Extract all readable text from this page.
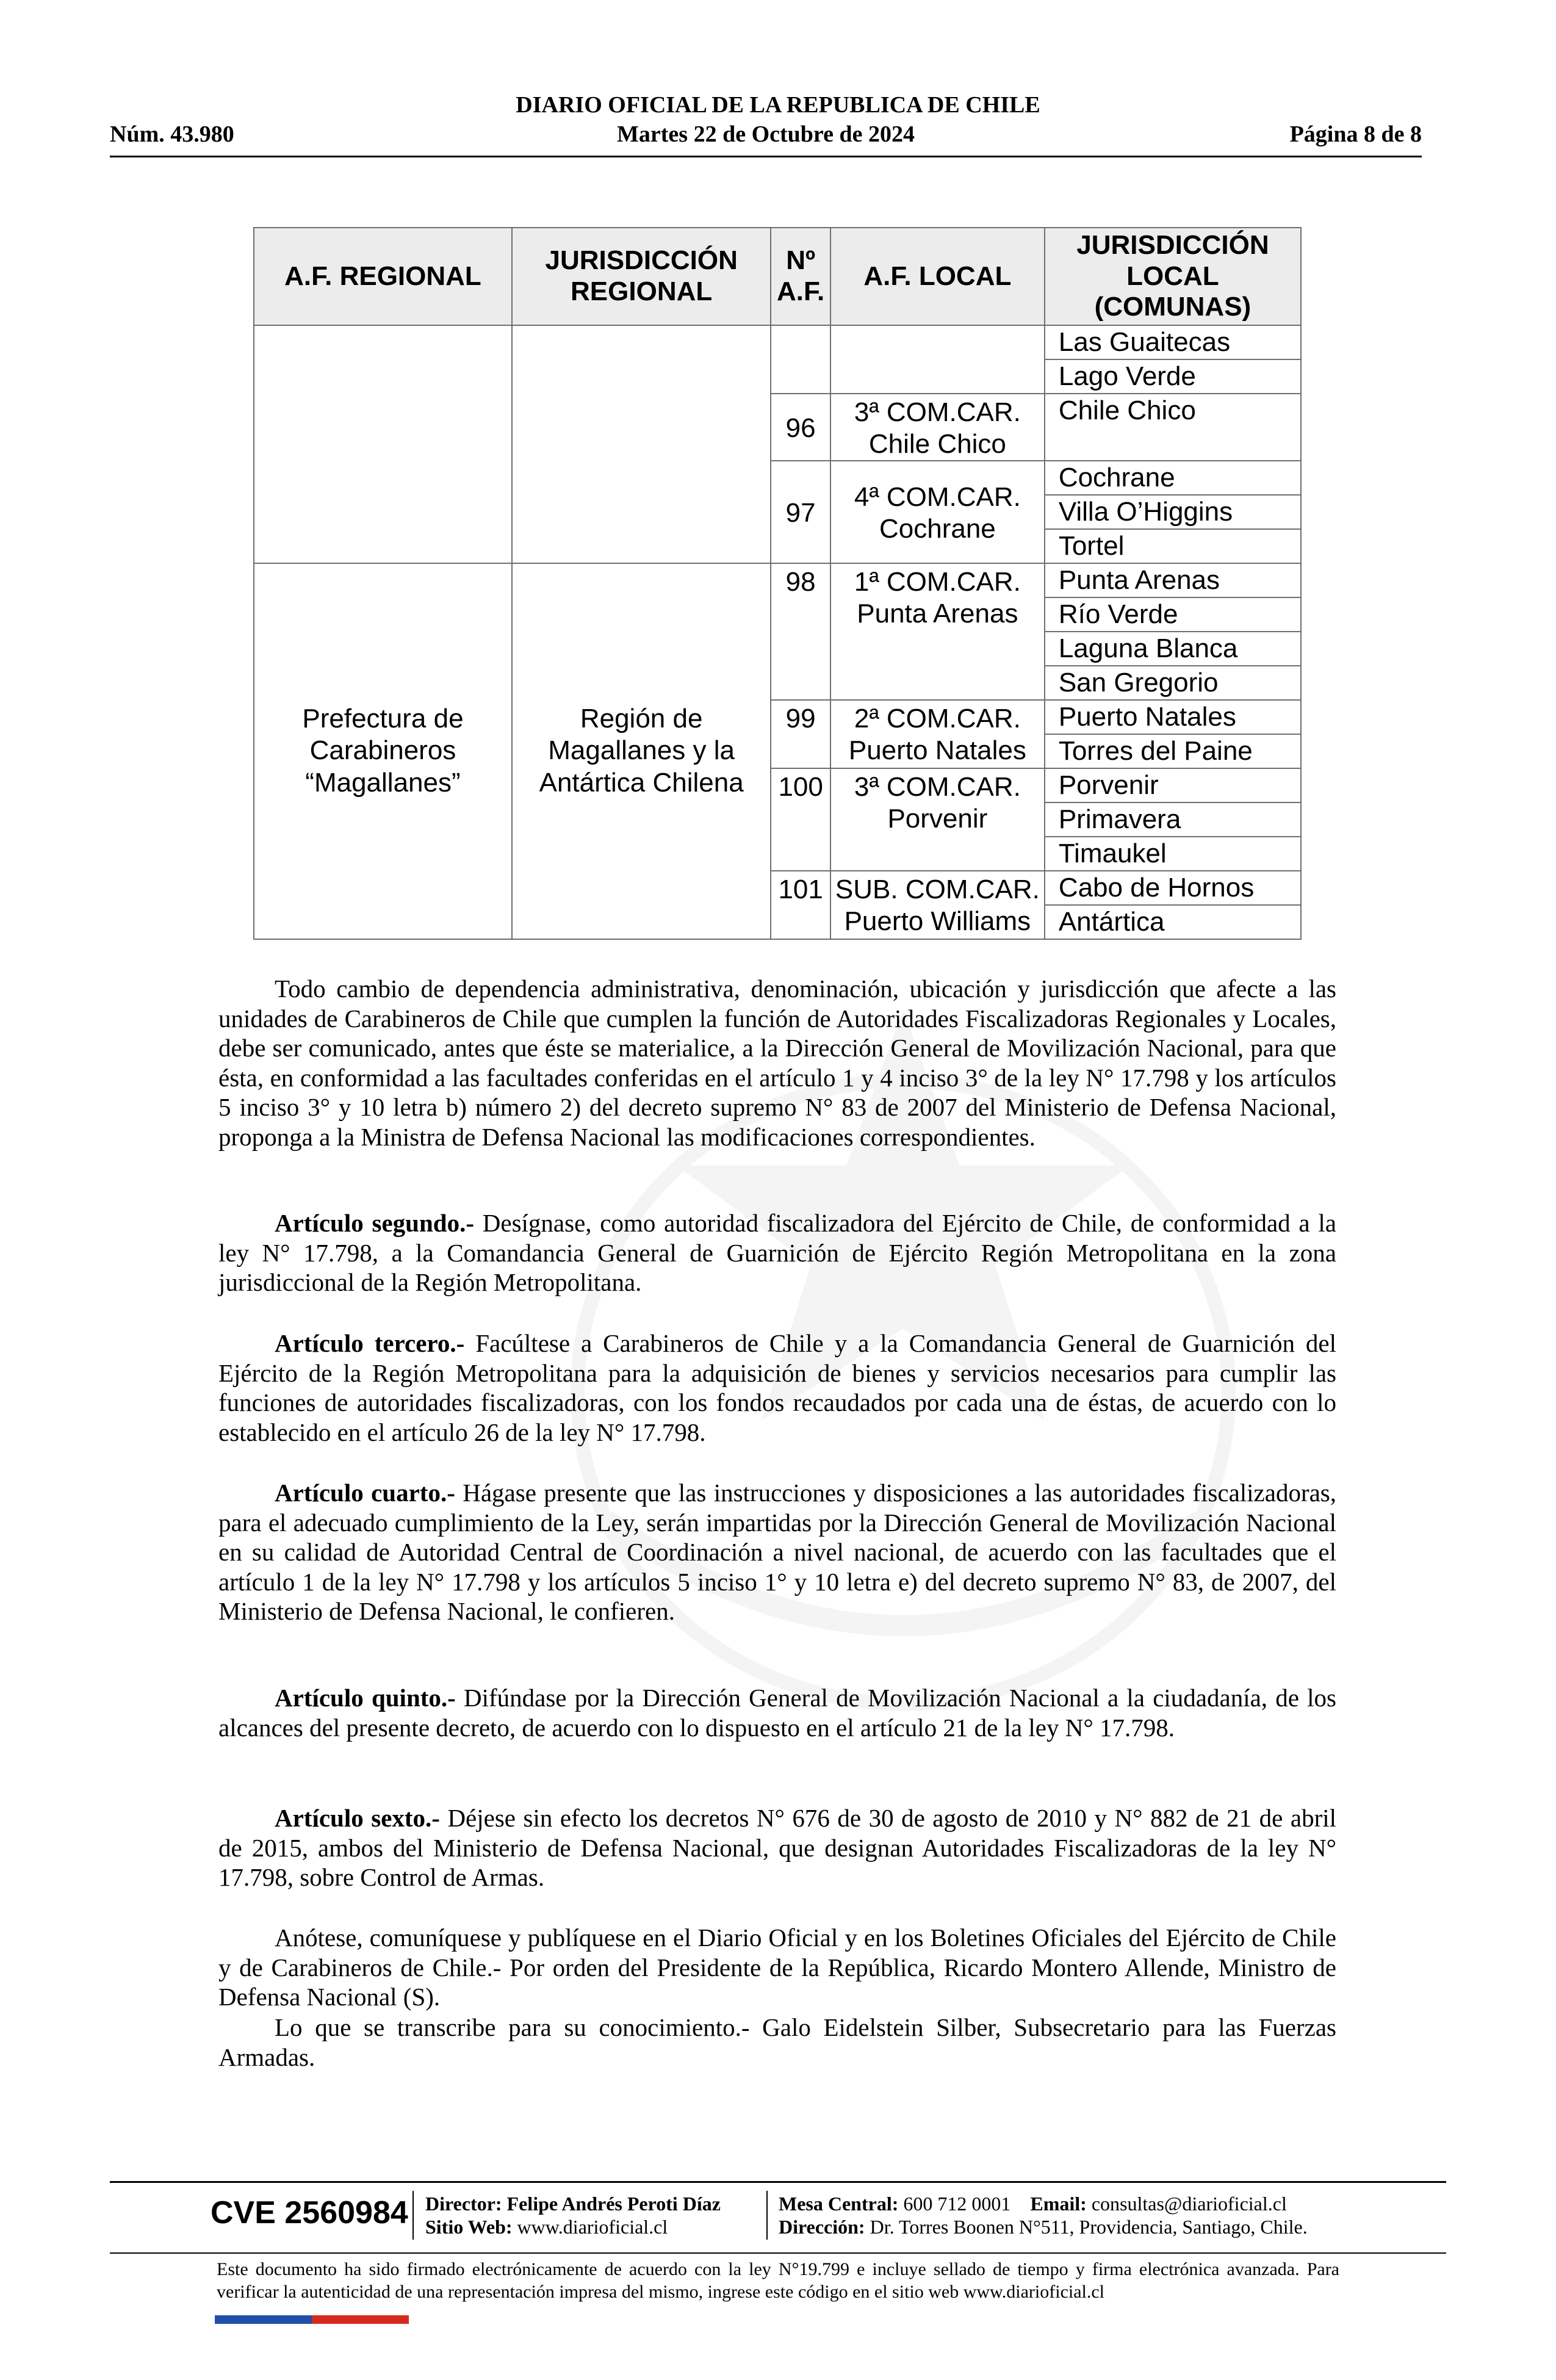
DIARIO OFICIAL DE LA REPUBLICA DE CHILE
Núm. 43.980	Martes 22 de Octubre de 2024	Página 8 de 8
A.F. REGIONAL	JURISDICCIÓN REGIONAL	Nº A.F.	A.F. LOCAL	JURISDICCIÓN LOCAL (COMUNAS)
				Las Guaitecas
				Lago Verde

		96	3ª COM.CAR. Chile Chico	Chile Chico

		97	4ª COM.CAR. Cochrane	Cochrane
				Villa O’Higgins
				Tortel
Prefectura de Carabineros “Magallanes”	Región de Magallanes y la Antártica Chilena	98	1ª COM.CAR. Punta Arenas	Punta Arenas
				Río Verde
				Laguna Blanca
				San Gregorio

		99	2ª COM.CAR. Puerto Natales	Puerto Natales
				Torres del Paine

		100	3ª COM.CAR. Porvenir	Porvenir
				Primavera
				Timaukel

		101	SUB. COM.CAR. Puerto Williams	Cabo de Hornos
				Antártica
Todo cambio de dependencia administrativa, denominación, ubicación y jurisdicción que afecte a las unidades de Carabineros de Chile que cumplen la función de Autoridades Fiscalizadoras Regionales y Locales, debe ser comunicado, antes que éste se materialice, a la Dirección General de Movilización Nacional, para que ésta, en conformidad a las facultades conferidas en el artículo 1 y 4 inciso 3° de la ley N° 17.798 y los artículos 5 inciso 3° y 10 letra b) número 2) del decreto supremo N° 83 de 2007 del Ministerio de Defensa Nacional, proponga a la Ministra de Defensa Nacional las modificaciones correspondientes.
Artículo segundo.- Desígnase, como autoridad fiscalizadora del Ejército de Chile, de conformidad a la ley N° 17.798, a la Comandancia General de Guarnición de Ejército Región Metropolitana en la zona jurisdiccional de la Región Metropolitana.
Artículo tercero.- Facúltese a Carabineros de Chile y a la Comandancia General de Guarnición del Ejército de la Región Metropolitana para la adquisición de bienes y servicios necesarios para cumplir las funciones de autoridades fiscalizadoras, con los fondos recaudados por cada una de éstas, de acuerdo con lo establecido en el artículo 26 de la ley N° 17.798.
Artículo cuarto.- Hágase presente que las instrucciones y disposiciones a las autoridades fiscalizadoras, para el adecuado cumplimiento de la Ley, serán impartidas por la Dirección General de Movilización Nacional en su calidad de Autoridad Central de Coordinación a nivel nacional, de acuerdo con las facultades que el artículo 1 de la ley N° 17.798 y los artículos 5 inciso 1° y 10 letra e) del decreto supremo N° 83, de 2007, del Ministerio de Defensa Nacional, le confieren.
Artículo quinto.- Difúndase por la Dirección General de Movilización Nacional a la ciudadanía, de los alcances del presente decreto, de acuerdo con lo dispuesto en el artículo 21 de la ley N° 17.798.
Artículo sexto.- Déjese sin efecto los decretos N° 676 de 30 de agosto de 2010 y N° 882 de 21 de abril de 2015, ambos del Ministerio de Defensa Nacional, que designan Autoridades Fiscalizadoras de la ley N° 17.798, sobre Control de Armas.
Anótese, comuníquese y publíquese en el Diario Oficial y en los Boletines Oficiales del Ejército de Chile y de Carabineros de Chile.- Por orden del Presidente de la República, Ricardo Montero Allende, Ministro de Defensa Nacional (S).
Lo que se transcribe para su conocimiento.- Galo Eidelstein Silber, Subsecretario para las Fuerzas Armadas.
CVE 2560984 Director: Felipe Andrés Peroti Díaz
Sitio Web: www.diarioficial.cl
Mesa Central: 600 712 0001 Email: consultas@diarioficial.cl
Dirección: Dr. Torres Boonen N°511, Providencia, Santiago, Chile.
Este documento ha sido firmado electrónicamente de acuerdo con la ley N°19.799 e incluye sellado de tiempo y firma electrónica avanzada. Para verificar la autenticidad de una representación impresa del mismo, ingrese este código en el sitio web www.diarioficial.cl
